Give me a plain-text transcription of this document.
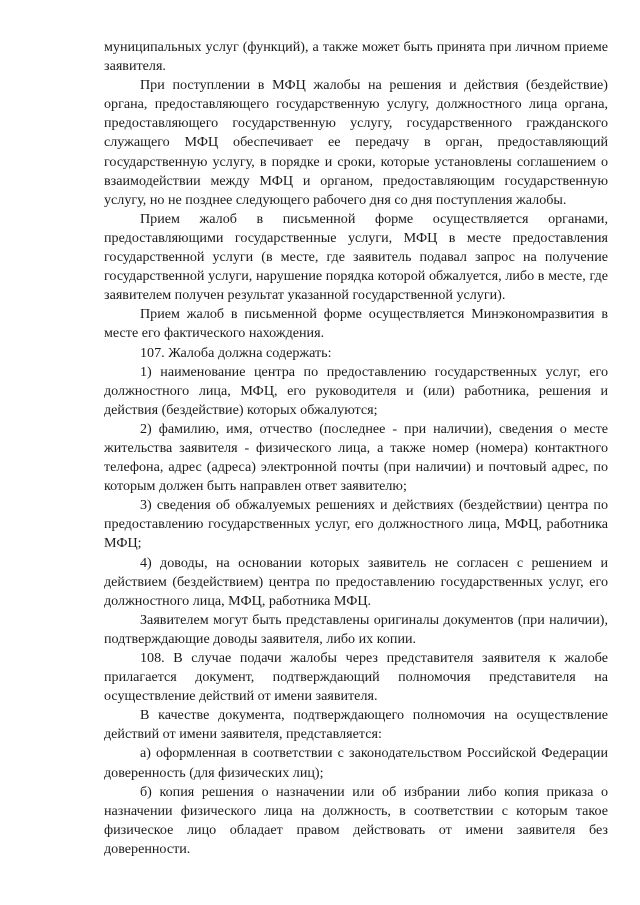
муниципальных услуг (функций), а также может быть принята при личном приеме заявителя.

При поступлении в МФЦ жалобы на решения и действия (бездействие) органа, предоставляющего государственную услугу, должностного лица органа, предоставляющего государственную услугу, государственного гражданского служащего МФЦ обеспечивает ее передачу в орган, предоставляющий государственную услугу, в порядке и сроки, которые установлены соглашением о взаимодействии между МФЦ и органом, предоставляющим государственную услугу, но не позднее следующего рабочего дня со дня поступления жалобы.

Прием жалоб в письменной форме осуществляется органами, предоставляющими государственные услуги, МФЦ в месте предоставления государственной услуги (в месте, где заявитель подавал запрос на получение государственной услуги, нарушение порядка которой обжалуется, либо в месте, где заявителем получен результат указанной государственной услуги).

Прием жалоб в письменной форме осуществляется Минэкономразвития в месте его фактического нахождения.

107. Жалоба должна содержать:

1) наименование центра по предоставлению государственных услуг, его должностного лица, МФЦ, его руководителя и (или) работника, решения и действия (бездействие) которых обжалуются;

2) фамилию, имя, отчество (последнее - при наличии), сведения о месте жительства заявителя - физического лица, а также номер (номера) контактного телефона, адрес (адреса) электронной почты (при наличии) и почтовый адрес, по которым должен быть направлен ответ заявителю;

3) сведения об обжалуемых решениях и действиях (бездействии) центра по предоставлению государственных услуг, его должностного лица, МФЦ, работника МФЦ;

4) доводы, на основании которых заявитель не согласен с решением и действием (бездействием) центра по предоставлению государственных услуг, его должностного лица, МФЦ, работника МФЦ.

Заявителем могут быть представлены оригиналы документов (при наличии), подтверждающие доводы заявителя, либо их копии.

108. В случае подачи жалобы через представителя заявителя к жалобе прилагается документ, подтверждающий полномочия представителя на осуществление действий от имени заявителя.

В качестве документа, подтверждающего полномочия на осуществление действий от имени заявителя, представляется:

а) оформленная в соответствии с законодательством Российской Федерации доверенность (для физических лиц);

б) копия решения о назначении или об избрании либо копия приказа о назначении физического лица на должность, в соответствии с которым такое физическое лицо обладает правом действовать от имени заявителя без доверенности.
